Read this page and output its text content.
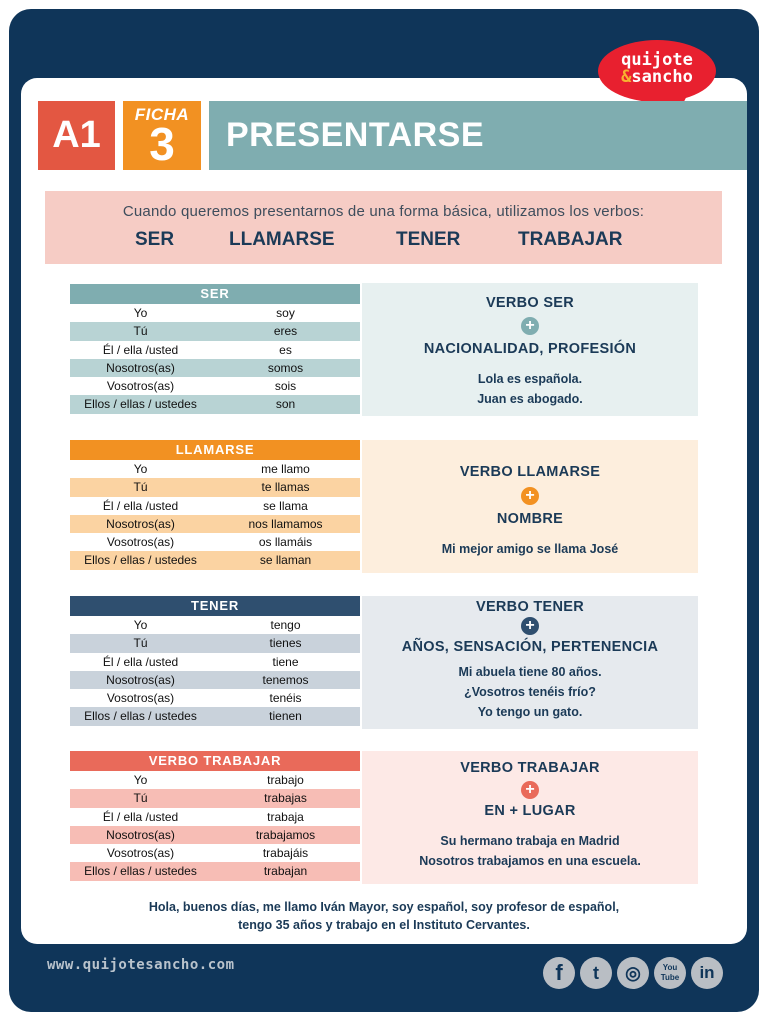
quijote
&sancho
A1	FICHA
3	PRESENTARSE
Cuando queremos presentarnos de una forma básica, utilizamos los verbos:
SER	LLAMARSE	TENER	TRABAJAR
SER
Yo	soy
Tú	eres
Él / ella /usted	es
Nosotros(as)	somos
Vosotros(as)	sois
Ellos / ellas / ustedes	son
VERBO SER
+
NACIONALIDAD, PROFESIÓN
Lola es española.
Juan es abogado.
LLAMARSE
Yo	me llamo
Tú	te llamas
Él / ella /usted	se llama
Nosotros(as)	nos llamamos
Vosotros(as)	os llamáis
Ellos / ellas / ustedes	se llaman
VERBO LLAMARSE
+
NOMBRE
Mi mejor amigo se llama José
TENER
Yo	tengo
Tú	tienes
Él / ella /usted	tiene
Nosotros(as)	tenemos
Vosotros(as)	tenéis
Ellos / ellas / ustedes	tienen
VERBO TENER
+
AÑOS, SENSACIÓN, PERTENENCIA
Mi abuela tiene 80 años.
¿Vosotros tenéis frío?
Yo tengo un gato.
VERBO TRABAJAR
Yo	trabajo
Tú	trabajas
Él / ella /usted	trabaja
Nosotros(as)	trabajamos
Vosotros(as)	trabajáis
Ellos / ellas / ustedes	trabajan
VERBO TRABAJAR
+
EN + LUGAR
Su hermano trabaja en Madrid
Nosotros trabajamos en una escuela.
Hola, buenos días, me llamo Iván Mayor, soy español, soy profesor de español,
tengo 35 años y trabajo en el Instituto Cervantes.
www.quijotesancho.com	f	t	◎	You Tube	in
